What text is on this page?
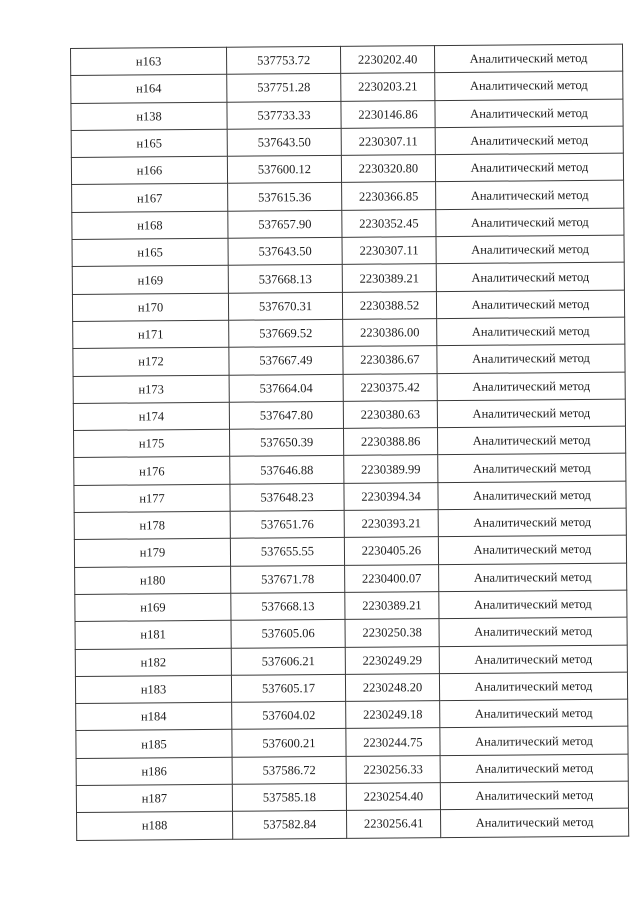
н163	537753.72	2230202.40	Аналитический метод
н164	537751.28	2230203.21	Аналитический метод
н138	537733.33	2230146.86	Аналитический метод
н165	537643.50	2230307.11	Аналитический метод
н166	537600.12	2230320.80	Аналитический метод
н167	537615.36	2230366.85	Аналитический метод
н168	537657.90	2230352.45	Аналитический метод
н165	537643.50	2230307.11	Аналитический метод
н169	537668.13	2230389.21	Аналитический метод
н170	537670.31	2230388.52	Аналитический метод
н171	537669.52	2230386.00	Аналитический метод
н172	537667.49	2230386.67	Аналитический метод
н173	537664.04	2230375.42	Аналитический метод
н174	537647.80	2230380.63	Аналитический метод
н175	537650.39	2230388.86	Аналитический метод
н176	537646.88	2230389.99	Аналитический метод
н177	537648.23	2230394.34	Аналитический метод
н178	537651.76	2230393.21	Аналитический метод
н179	537655.55	2230405.26	Аналитический метод
н180	537671.78	2230400.07	Аналитический метод
н169	537668.13	2230389.21	Аналитический метод
н181	537605.06	2230250.38	Аналитический метод
н182	537606.21	2230249.29	Аналитический метод
н183	537605.17	2230248.20	Аналитический метод
н184	537604.02	2230249.18	Аналитический метод
н185	537600.21	2230244.75	Аналитический метод
н186	537586.72	2230256.33	Аналитический метод
н187	537585.18	2230254.40	Аналитический метод
н188	537582.84	2230256.41	Аналитический метод
